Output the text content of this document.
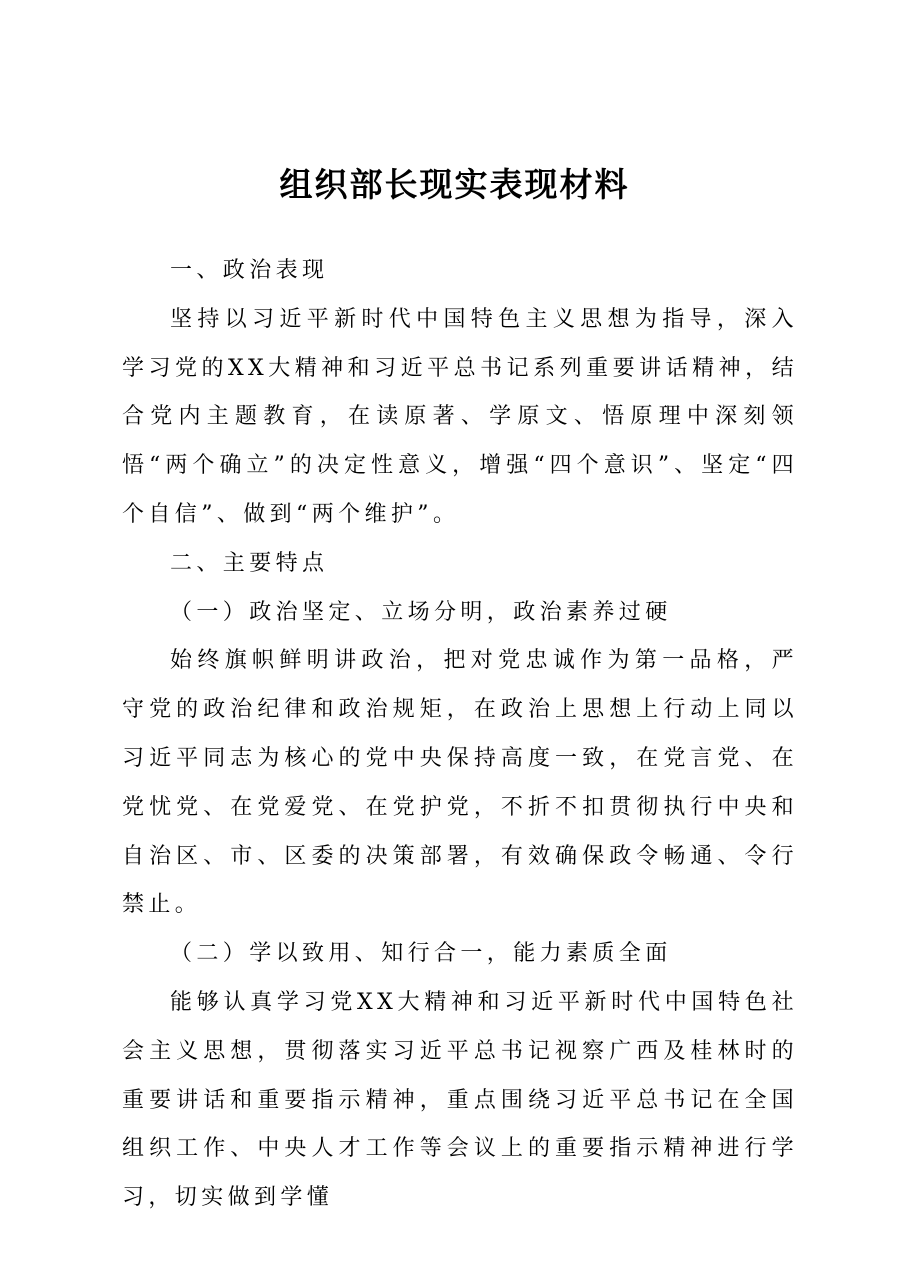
组织部长现实表现材料

一、政治表现

坚持以习近平新时代中国特色主义思想为指导，深入学习党的XX大精神和习近平总书记系列重要讲话精神，结合党内主题教育，在读原著、学原文、悟原理中深刻领悟“两个确立”的决定性意义，增强“四个意识”、坚定“四个自信”、做到“两个维护”。

二、主要特点

（一）政治坚定、立场分明，政治素养过硬

始终旗帜鲜明讲政治，把对党忠诚作为第一品格，严守党的政治纪律和政治规矩，在政治上思想上行动上同以习近平同志为核心的党中央保持高度一致，在党言党、在党忧党、在党爱党、在党护党，不折不扣贯彻执行中央和自治区、市、区委的决策部署，有效确保政令畅通、令行禁止。

（二）学以致用、知行合一，能力素质全面

能够认真学习党XX大精神和习近平新时代中国特色社会主义思想，贯彻落实习近平总书记视察广西及桂林时的重要讲话和重要指示精神，重点围绕习近平总书记在全国组织工作、中央人才工作等会议上的重要指示精神进行学习，切实做到学懂
